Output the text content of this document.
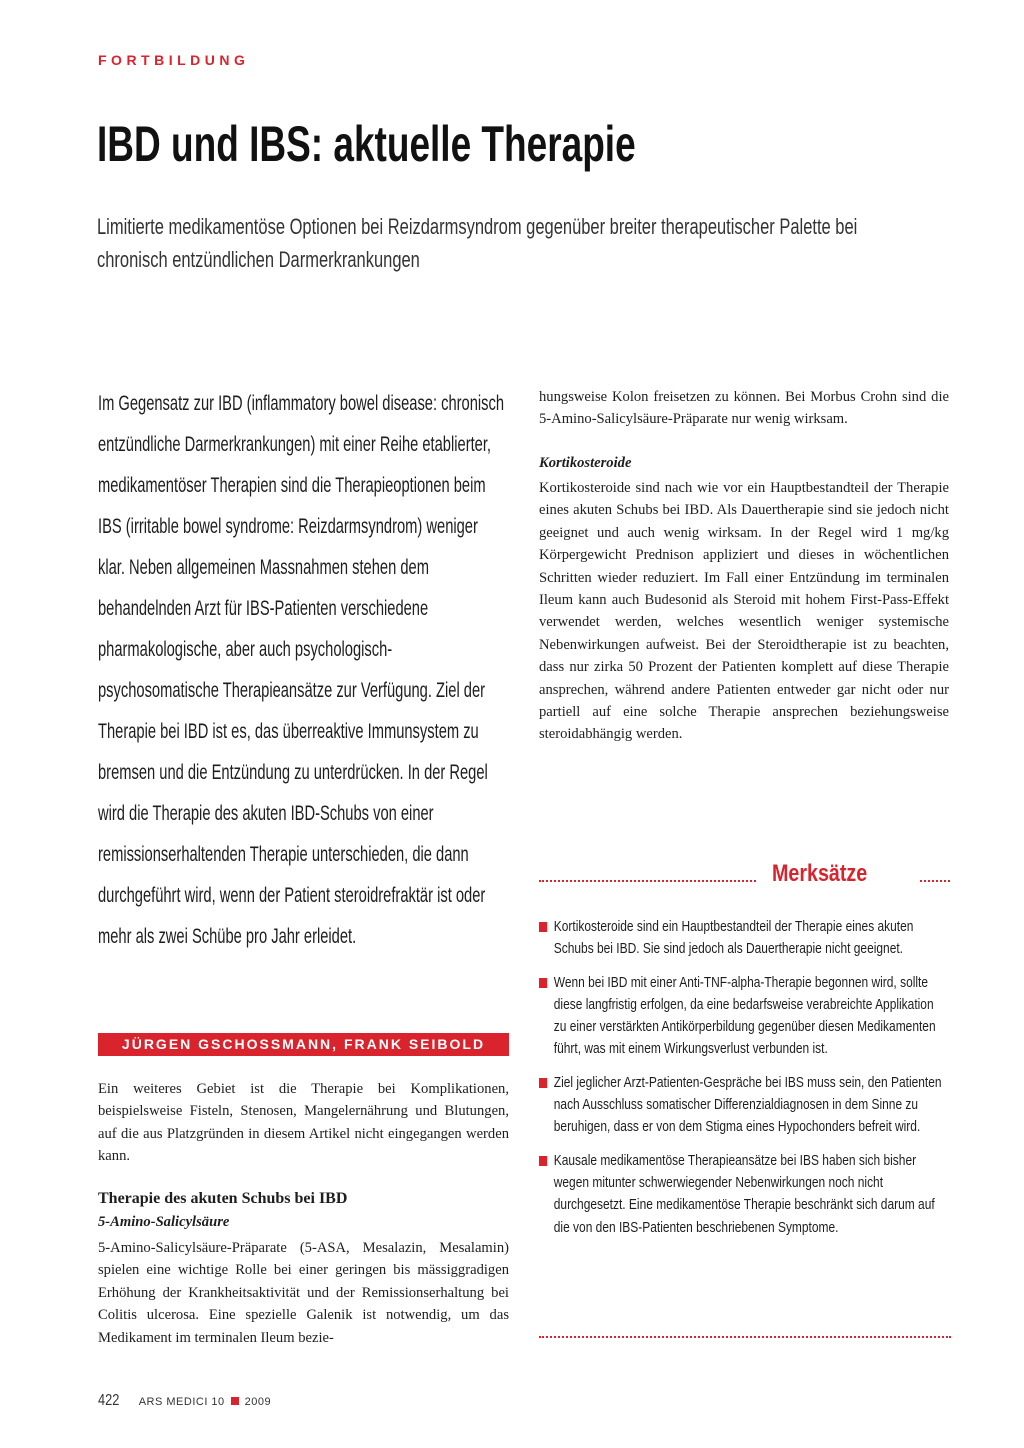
FORTBILDUNG
IBD und IBS: aktuelle Therapie

Limitierte medikamentöse Optionen bei Reizdarmsyndrom gegenüber breiter therapeutischer Palette bei chronisch entzündlichen Darmerkrankungen

Im Gegensatz zur IBD (inflammatory bowel disease: chronisch entzündliche Darmerkrankungen) mit einer Reihe etablierter, medikamentöser Therapien sind die Therapieoptionen beim IBS (irritable bowel syndrome: Reizdarmsyndrom) weniger klar. Neben allgemeinen Massnahmen stehen dem behandelnden Arzt für IBS-Patienten verschiedene pharmakologische, aber auch psychologisch-psychosomatische Therapieansätze zur Verfügung. Ziel der Therapie bei IBD ist es, das überreaktive Immunsystem zu bremsen und die Entzündung zu unterdrücken. In der Regel wird die Therapie des akuten IBD-Schubs von einer remissionserhaltenden Therapie unterschieden, die dann durchgeführt wird, wenn der Patient steroidrefraktär ist oder mehr als zwei Schübe pro Jahr erleidet.

JÜRGEN GSCHOSSMANN, FRANK SEIBOLD

Ein weiteres Gebiet ist die Therapie bei Komplikationen, beispielsweise Fisteln, Stenosen, Mangelernährung und Blutungen, auf die aus Platzgründen in diesem Artikel nicht eingegangen werden kann.

Therapie des akuten Schubs bei IBD
5-Amino-Salicylsäure

5-Amino-Salicylsäure-Präparate (5-ASA, Mesalazin, Mesalamin) spielen eine wichtige Rolle bei einer geringen bis mässiggradigen Erhöhung der Krankheitsaktivität und der Remissionserhaltung bei Colitis ulcerosa. Eine spezielle Galenik ist notwendig, um das Medikament im terminalen Ileum bezie-

hungsweise Kolon freisetzen zu können. Bei Morbus Crohn sind die 5-Amino-Salicylsäure-Präparate nur wenig wirksam.

Kortikosteroide

Kortikosteroide sind nach wie vor ein Hauptbestandteil der Therapie eines akuten Schubs bei IBD. Als Dauertherapie sind sie jedoch nicht geeignet und auch wenig wirksam. In der Regel wird 1 mg/kg Körpergewicht Prednison appliziert und dieses in wöchentlichen Schritten wieder reduziert. Im Fall einer Entzündung im terminalen Ileum kann auch Budesonid als Steroid mit hohem First-Pass-Effekt verwendet werden, welches wesentlich weniger systemische Nebenwirkungen aufweist. Bei der Steroidtherapie ist zu beachten, dass nur zirka 50 Prozent der Patienten komplett auf diese Therapie ansprechen, während andere Patienten entweder gar nicht oder nur partiell auf eine solche Therapie ansprechen beziehungsweise steroidabhängig werden.

Merksätze
Kortikosteroide sind ein Hauptbestandteil der Therapie eines akuten Schubs bei IBD. Sie sind jedoch als Dauertherapie nicht geeignet.
Wenn bei IBD mit einer Anti-TNF-alpha-Therapie begonnen wird, sollte diese langfristig erfolgen, da eine bedarfsweise verabreichte Applikation zu einer verstärkten Antikörperbildung gegenüber diesen Medikamenten führt, was mit einem Wirkungsverlust verbunden ist.
Ziel jeglicher Arzt-Patienten-Gespräche bei IBS muss sein, den Patienten nach Ausschluss somatischer Differenzialdiagnosen in dem Sinne zu beruhigen, dass er von dem Stigma eines Hypochonders befreit wird.
Kausale medikamentöse Therapieansätze bei IBS haben sich bisher wegen mitunter schwerwiegender Nebenwirkungen noch nicht durchgesetzt. Eine medikamentöse Therapie beschränkt sich darum auf die von den IBS-Patienten beschriebenen Symptome.
422 ARS MEDICI 10 2009
